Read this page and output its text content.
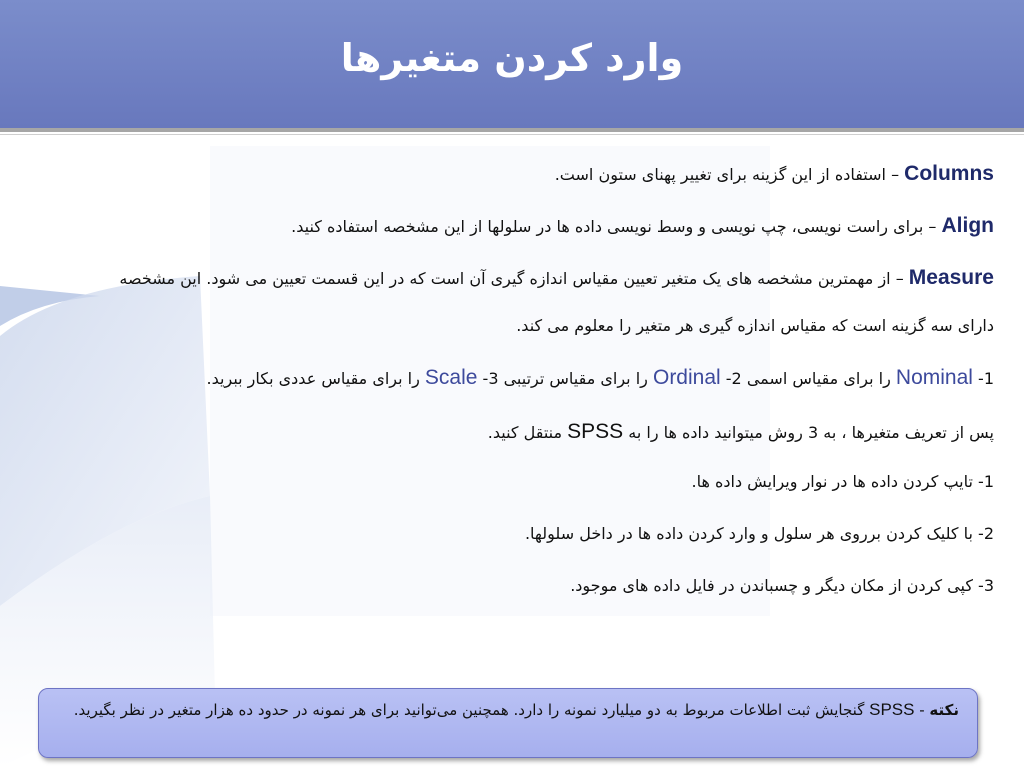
وارد کردن متغیرها
Columns – استفاده از این گزینه برای تغییر پهنای ستون است.
Align – برای راست نویسی، چپ نویسی و وسط نویسی داده ها در سلولها از این مشخصه استفاده کنید.
Measure – از مهمترین مشخصه های یک متغیر تعیین مقیاس اندازه گیری آن است که در این قسمت تعیین می شود. این مشخصه
دارای سه گزینه است که مقیاس اندازه گیری هر متغیر را معلوم می کند.
1- Nominal را برای مقیاس اسمی 2- Ordinal را برای مقیاس ترتیبی 3- Scale را برای مقیاس عددی بکار ببرید.
پس از تعریف متغیرها ، به 3 روش میتوانید داده ها را به SPSS منتقل کنید.
1- تایپ کردن داده ها در نوار ویرایش داده ها.
2- با کلیک کردن برروی هر سلول و وارد کردن داده ها در داخل سلولها.
3- کپی کردن از مکان دیگر و چسباندن در فایل داده های موجود.
نکته - SPSS گنجایش ثبت اطلاعات مربوط به دو میلیارد نمونه را دارد. همچنین می‌توانید برای هر نمونه در حدود ده هزار متغیر در نظر بگیرید.
